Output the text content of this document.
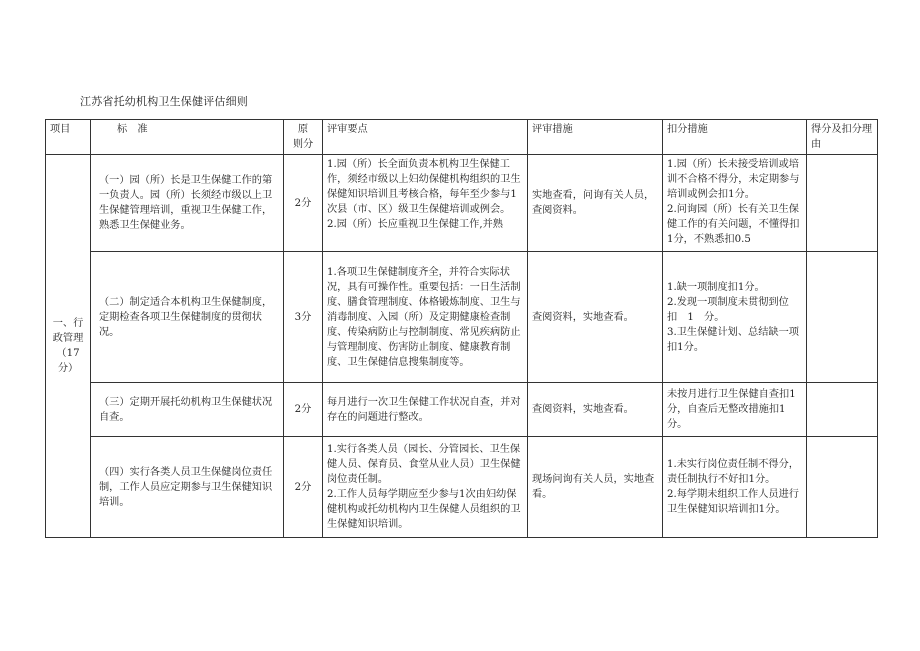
江苏省托幼机构卫生保健评估细则
项目	标　准	原　则分	评审要点	评审措施	扣分措施	得分及扣分理由
一、行政管理（17分）	（一）园（所）长是卫生保健工作的第一负责人。园（所）长须经市级以上卫生保健管理培训，重视卫生保健工作，熟悉卫生保健业务。	2分	1.园（所）长全面负责本机构卫生保健工作，须经市级以上妇幼保健机构组织的卫生保健知识培训且考核合格，每年至少参与1次县（市、区）级卫生保健培训或例会。
2.园（所）长应重视卫生保健工作,并熟	实地查看，问询有关人员，查阅资料。	1.园（所）长未接受培训或培训不合格不得分，未定期参与培训或例会扣1分。
2.问询园（所）长有关卫生保健工作的有关问题，不懂得扣1分，不熟悉扣0.5	

	（二）制定适合本机构卫生保健制度，定期检查各项卫生保健制度的贯彻状况。	3分	1.各项卫生保健制度齐全，并符合实际状况，具有可操作性。重要包括：一日生活制度、膳食管理制度、体格锻炼制度、卫生与消毒制度、入园（所）及定期健康检查制度、传染病防止与控制制度、常见疾病防止与管理制度、伤害防止制度、健康教育制度、卫生保健信息搜集制度等。	查阅资料，实地查看。	1.缺一项制度扣1分。
2.发现一项制度未贯彻到位　扣　1　分。
3.卫生保健计划、总结缺一项扣1分。	

	（三）定期开展托幼机构卫生保健状况自查。	2分	每月进行一次卫生保健工作状况自查，并对存在的问题进行整改。	查阅资料，实地查看。	未按月进行卫生保健自查扣1分，自查后无整改措施扣1分。	

	（四）实行各类人员卫生保健岗位责任制，工作人员应定期参与卫生保健知识培训。	2分	1.实行各类人员（园长、分管园长、卫生保健人员、保育员、食堂从业人员）卫生保健岗位责任制。
2.工作人员每学期应至少参与1次由妇幼保健机构或托幼机构内卫生保健人员组织的卫生保健知识培训。	现场问询有关人员，实地查看。	1.未实行岗位责任制不得分，责任制执行不好扣1分。
2.每学期未组织工作人员进行卫生保健知识培训扣1分。	
